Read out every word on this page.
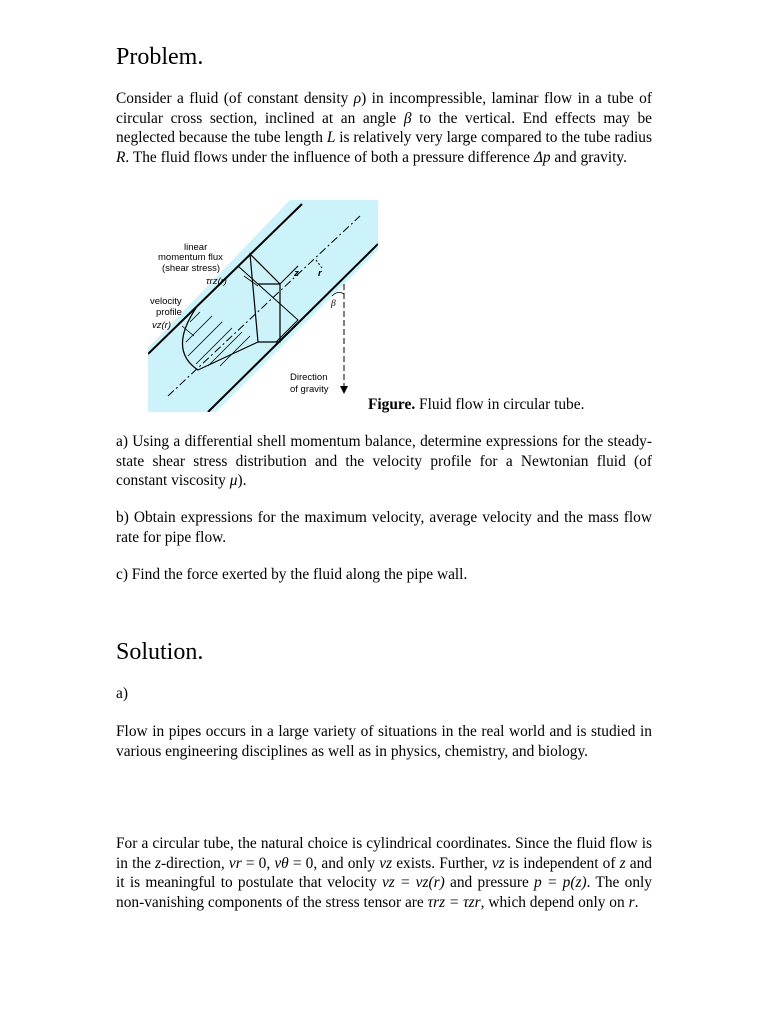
Problem.

Consider a fluid (of constant density ρ) in incompressible, laminar flow in a tube of circular cross section, inclined at an angle β to the vertical. End effects may be neglected because the tube length L is relatively very large compared to the tube radius R. The fluid flows under the influence of both a pressure difference Δp and gravity.

z r
β
linear
momentum flux
(shear stress)
τrz(r)
velocity
profile
vz(r)
Direction
of gravity
Figure. Fluid flow in circular tube.

a) Using a differential shell momentum balance, determine expressions for the steady-state shear stress distribution and the velocity profile for a Newtonian fluid (of constant viscosity μ).

b) Obtain expressions for the maximum velocity, average velocity and the mass flow rate for pipe flow.

c) Find the force exerted by the fluid along the pipe wall.

Solution.

a)

Flow in pipes occurs in a large variety of situations in the real world and is studied in various engineering disciplines as well as in physics, chemistry, and biology.

For a circular tube, the natural choice is cylindrical coordinates. Since the fluid flow is in the z-direction, vr = 0, vθ = 0, and only vz exists. Further, vz is independent of z and it is meaningful to postulate that velocity vz = vz(r) and pressure p = p(z). The only non-vanishing components of the stress tensor are τrz = τzr, which depend only on r.
